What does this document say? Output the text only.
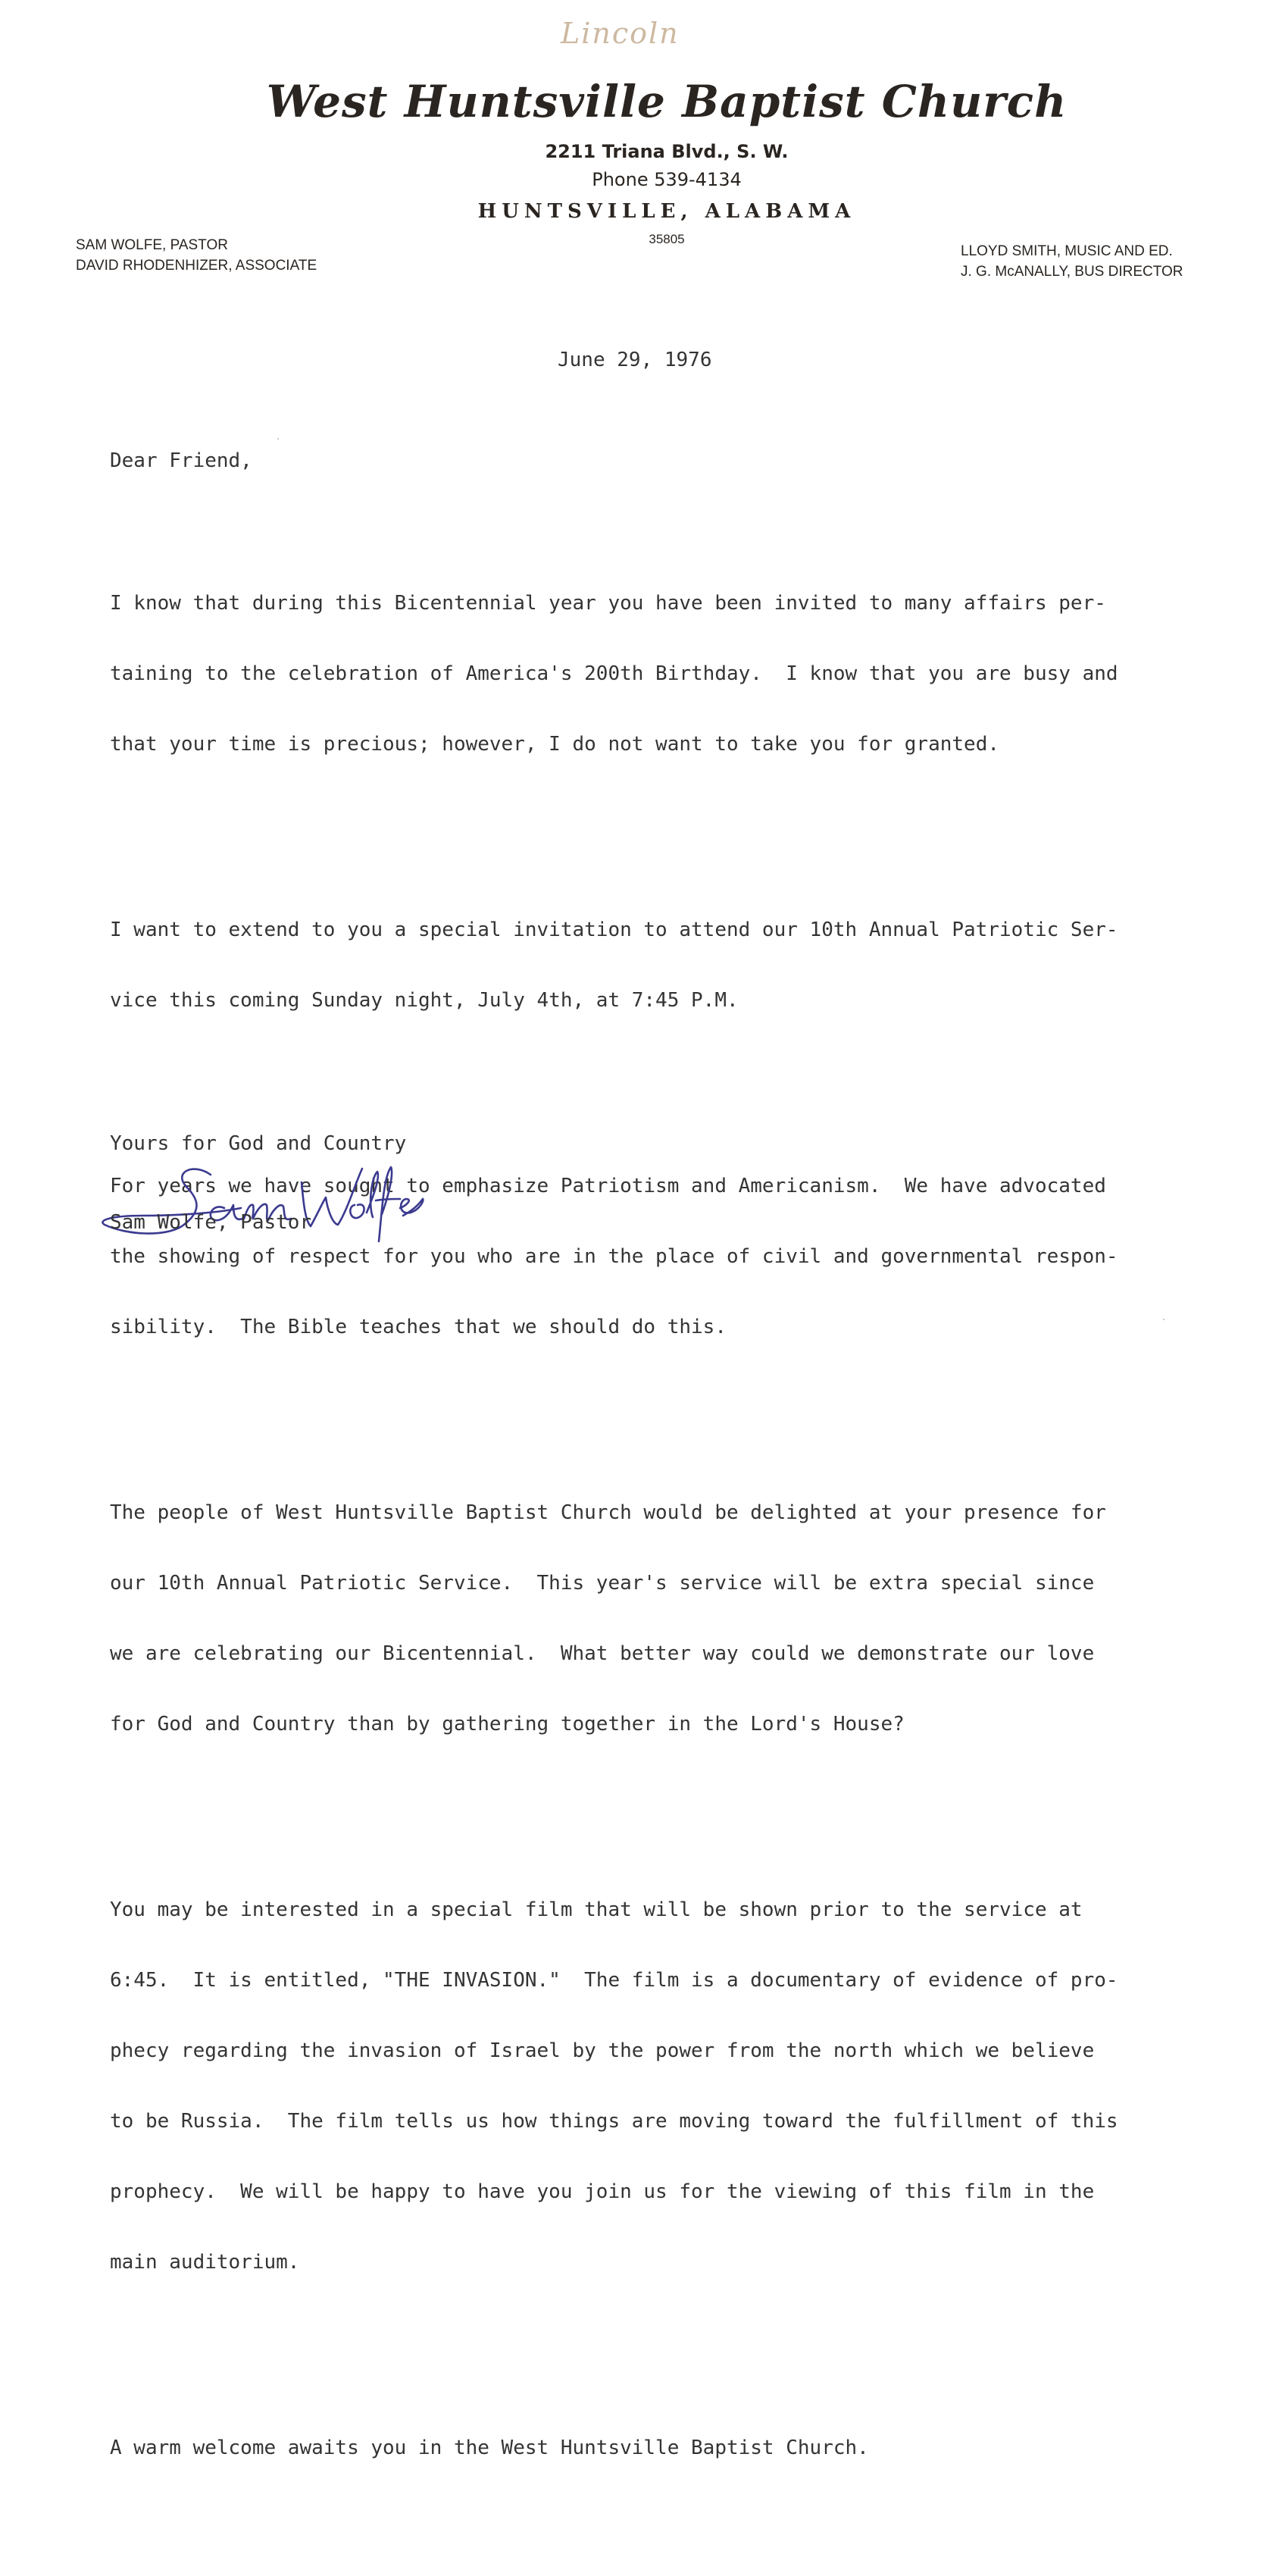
Lincoln
West Huntsville Baptist Church
2211 Triana Blvd., S. W.
Phone 539-4134
HUNTSVILLE, ALABAMA
35805
SAM WOLFE, PASTOR
DAVID RHODENHIZER, ASSOCIATE
LLOYD SMITH, MUSIC AND ED.
J. G. McANALLY, BUS DIRECTOR
June 29, 1976
Dear Friend,

I know that during this Bicentennial year you have been invited to many affairs per-

taining to the celebration of America's 200th Birthday.  I know that you are busy and

that your time is precious; however, I do not want to take you for granted.

I want to extend to you a special invitation to attend our 10th Annual Patriotic Ser-

vice this coming Sunday night, July 4th, at 7:45 P.M.

For years we have sought to emphasize Patriotism and Americanism.  We have advocated

the showing of respect for you who are in the place of civil and governmental respon-

sibility.  The Bible teaches that we should do this.

The people of West Huntsville Baptist Church would be delighted at your presence for

our 10th Annual Patriotic Service.  This year's service will be extra special since

we are celebrating our Bicentennial.  What better way could we demonstrate our love

for God and Country than by gathering together in the Lord's House?

You may be interested in a special film that will be shown prior to the service at

6:45.  It is entitled, "THE INVASION."  The film is a documentary of evidence of pro-

phecy regarding the invasion of Israel by the power from the north which we believe

to be Russia.  The film tells us how things are moving toward the fulfillment of this

prophecy.  We will be happy to have you join us for the viewing of this film in the

main auditorium.

A warm welcome awaits you in the West Huntsville Baptist Church.

Yours for God and Country
Sam Wolfe, Pastor
